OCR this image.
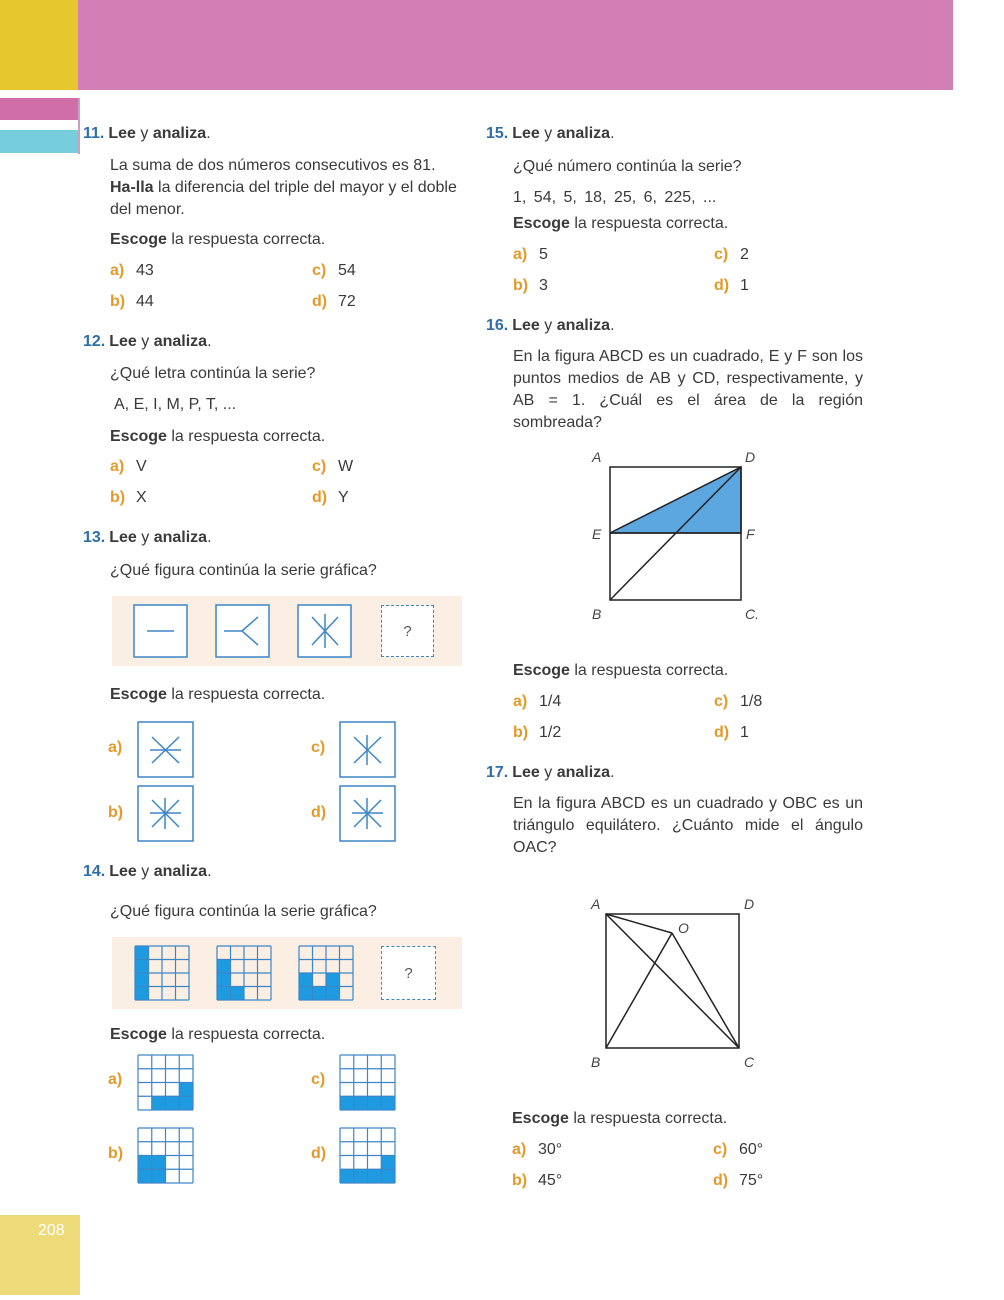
208
11. Lee y analiza.
La suma de dos números consecutivos es 81. Ha-lla la diferencia del triple del mayor y el doble del menor.
Escoge la respuesta correcta.
a) 43	c) 54
b) 44	d) 72
12. Lee y analiza.
¿Qué letra continúa la serie?
A, E, I, M, P, T, ...
Escoge la respuesta correcta.
a) V	c) W
b) X	d) Y
13. Lee y analiza.
¿Qué figura continúa la serie gráfica?
?
Escoge la respuesta correcta.
a)	c)
b)	d)
14. Lee y analiza.
¿Qué figura continúa la serie gráfica?
?
Escoge la respuesta correcta.
a)	c)
b)	d)
15. Lee y analiza.
¿Qué número continúa la serie?
1, 54, 5, 18, 25, 6, 225, ...
Escoge la respuesta correcta.
a) 5	c) 2
b) 3	d) 1
16. Lee y analiza.
En la figura ABCD es un cuadrado, E y F son los puntos medios de AB y CD, respectivamente, y AB = 1. ¿Cuál es el área de la región sombreada?
A	D
E	F
B	C.
Escoge la respuesta correcta.
a) 1/4	c) 1/8
b) 1/2	d) 1
17. Lee y analiza.
En la figura ABCD es un cuadrado y OBC es un triángulo equilátero. ¿Cuánto mide el ángulo OAC?
A	D
O
B	C
Escoge la respuesta correcta.
a) 30°	c) 60°
b) 45°	d) 75°
